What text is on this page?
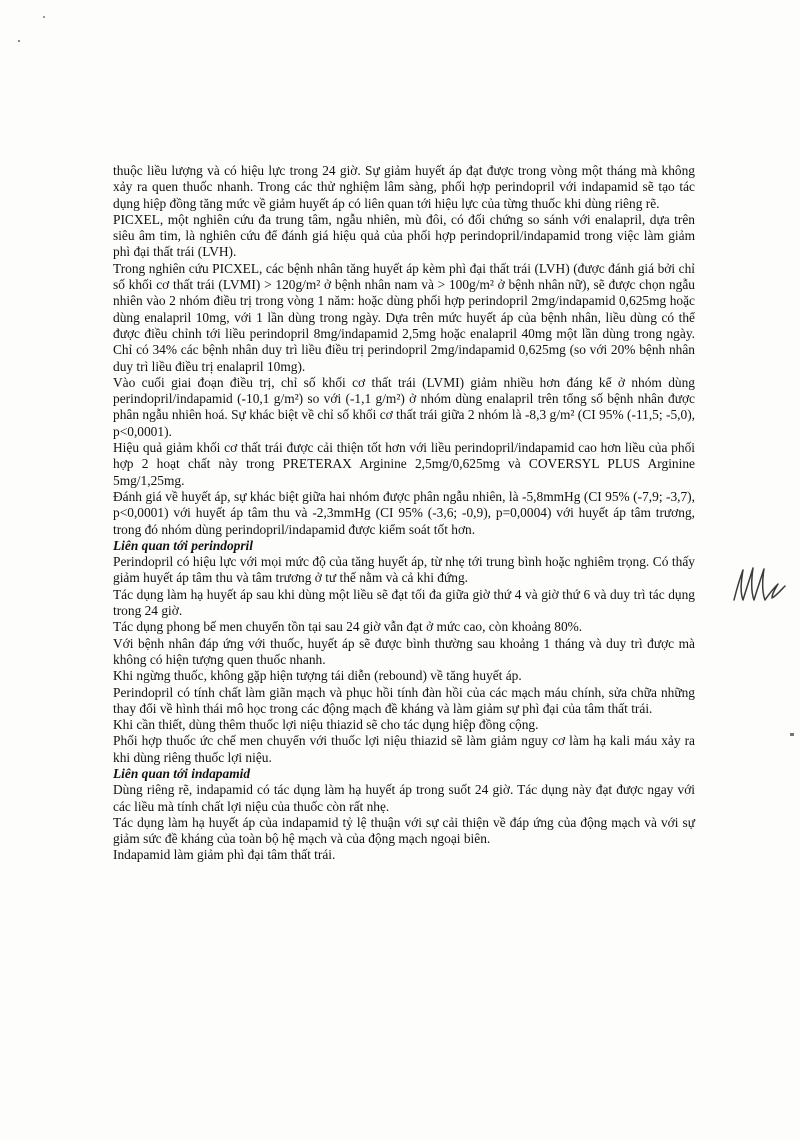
thuộc liều lượng và có hiệu lực trong 24 giờ. Sự giảm huyết áp đạt được trong vòng một tháng mà không xảy ra quen thuốc nhanh. Trong các thử nghiệm lâm sàng, phối hợp perindopril với indapamid sẽ tạo tác dụng hiệp đồng tăng mức về giảm huyết áp có liên quan tới hiệu lực của từng thuốc khi dùng riêng rẽ.

PICXEL, một nghiên cứu đa trung tâm, ngẫu nhiên, mù đôi, có đối chứng so sánh với enalapril, dựa trên siêu âm tim, là nghiên cứu để đánh giá hiệu quả của phối hợp perindopril/indapamid trong việc làm giảm phì đại thất trái (LVH).

Trong nghiên cứu PICXEL, các bệnh nhân tăng huyết áp kèm phì đại thất trái (LVH) (được đánh giá bởi chỉ số khối cơ thất trái (LVMI) > 120g/m² ở bệnh nhân nam và > 100g/m² ở bệnh nhân nữ), sẽ được chọn ngẫu nhiên vào 2 nhóm điều trị trong vòng 1 năm: hoặc dùng phối hợp perindopril 2mg/indapamid 0,625mg hoặc dùng enalapril 10mg, với 1 lần dùng trong ngày. Dựa trên mức huyết áp của bệnh nhân, liều dùng có thể được điều chỉnh tới liều perindopril 8mg/indapamid 2,5mg hoặc enalapril 40mg một lần dùng trong ngày. Chỉ có 34% các bệnh nhân duy trì liều điều trị perindopril 2mg/indapamid 0,625mg (so với 20% bệnh nhân duy trì liều điều trị enalapril 10mg).

Vào cuối giai đoạn điều trị, chỉ số khối cơ thất trái (LVMI) giảm nhiều hơn đáng kể ở nhóm dùng perindopril/indapamid (-10,1 g/m²) so với (-1,1 g/m²) ở nhóm dùng enalapril trên tổng số bệnh nhân được phân ngẫu nhiên hoá. Sự khác biệt về chỉ số khối cơ thất trái giữa 2 nhóm là -8,3 g/m² (CI 95% (-11,5; -5,0), p<0,0001).

Hiệu quả giảm khối cơ thất trái được cải thiện tốt hơn với liều perindopril/indapamid cao hơn liều của phối hợp 2 hoạt chất này trong PRETERAX Arginine 2,5mg/0,625mg và COVERSYL PLUS Arginine 5mg/1,25mg.

Đánh giá về huyết áp, sự khác biệt giữa hai nhóm được phân ngẫu nhiên, là -5,8mmHg (CI 95% (-7,9; -3,7), p<0,0001) với huyết áp tâm thu và -2,3mmHg (CI 95% (-3,6; -0,9), p=0,0004) với huyết áp tâm trương, trong đó nhóm dùng perindopril/indapamid được kiểm soát tốt hơn.

Liên quan tới perindopril

Perindopril có hiệu lực với mọi mức độ của tăng huyết áp, từ nhẹ tới trung bình hoặc nghiêm trọng. Có thấy giảm huyết áp tâm thu và tâm trương ở tư thế nằm và cả khi đứng.

Tác dụng làm hạ huyết áp sau khi dùng một liều sẽ đạt tối đa giữa giờ thứ 4 và giờ thứ 6 và duy trì tác dụng trong 24 giờ.

Tác dụng phong bế men chuyển tồn tại sau 24 giờ vẫn đạt ở mức cao, còn khoảng 80%.

Với bệnh nhân đáp ứng với thuốc, huyết áp sẽ được bình thường sau khoảng 1 tháng và duy trì được mà không có hiện tượng quen thuốc nhanh.

Khi ngừng thuốc, không gặp hiện tượng tái diễn (rebound) về tăng huyết áp.

Perindopril có tính chất làm giãn mạch và phục hồi tính đàn hồi của các mạch máu chính, sửa chữa những thay đổi về hình thái mô học trong các động mạch đề kháng và làm giảm sự phì đại của tâm thất trái.

Khi cần thiết, dùng thêm thuốc lợi niệu thiazid sẽ cho tác dụng hiệp đồng cộng.

Phối hợp thuốc ức chế men chuyển với thuốc lợi niệu thiazid sẽ làm giảm nguy cơ làm hạ kali máu xảy ra khi dùng riêng thuốc lợi niệu.

Liên quan tới indapamid

Dùng riêng rẽ, indapamid có tác dụng làm hạ huyết áp trong suốt 24 giờ. Tác dụng này đạt được ngay với các liều mà tính chất lợi niệu của thuốc còn rất nhẹ.

Tác dụng làm hạ huyết áp của indapamid tỷ lệ thuận với sự cải thiện về đáp ứng của động mạch và với sự giảm sức đề kháng của toàn bộ hệ mạch và của động mạch ngoại biên.

Indapamid làm giảm phì đại tâm thất trái.
